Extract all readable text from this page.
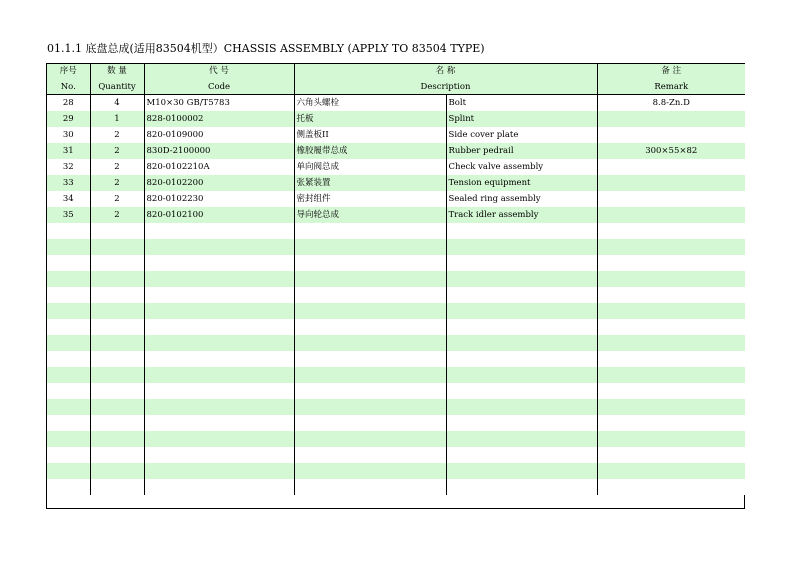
01.1.1 底盘总成(适用83504机型）CHASSIS ASSEMBLY (APPLY TO 83504 TYPE)
序号	数 量	代 号	名 称		备 注
No.	Quantity	Code	Description		Remark
28	4	M10×30 GB/T5783	六角头螺栓	Bolt	8.8-Zn.D
29	1	828-0100002	托板	Splint	
30	2	820-0109000	侧盖板II	Side cover plate	
31	2	830D-2100000	橡胶履带总成	Rubber pedrail	300×55×82
32	2	820-0102210A	单向阀总成	Check valve assembly	
33	2	820-0102200	张紧装置	Tension equipment	
34	2	820-0102230	密封组件	Sealed ring assembly	
35	2	820-0102100	导向轮总成	Track idler assembly	
